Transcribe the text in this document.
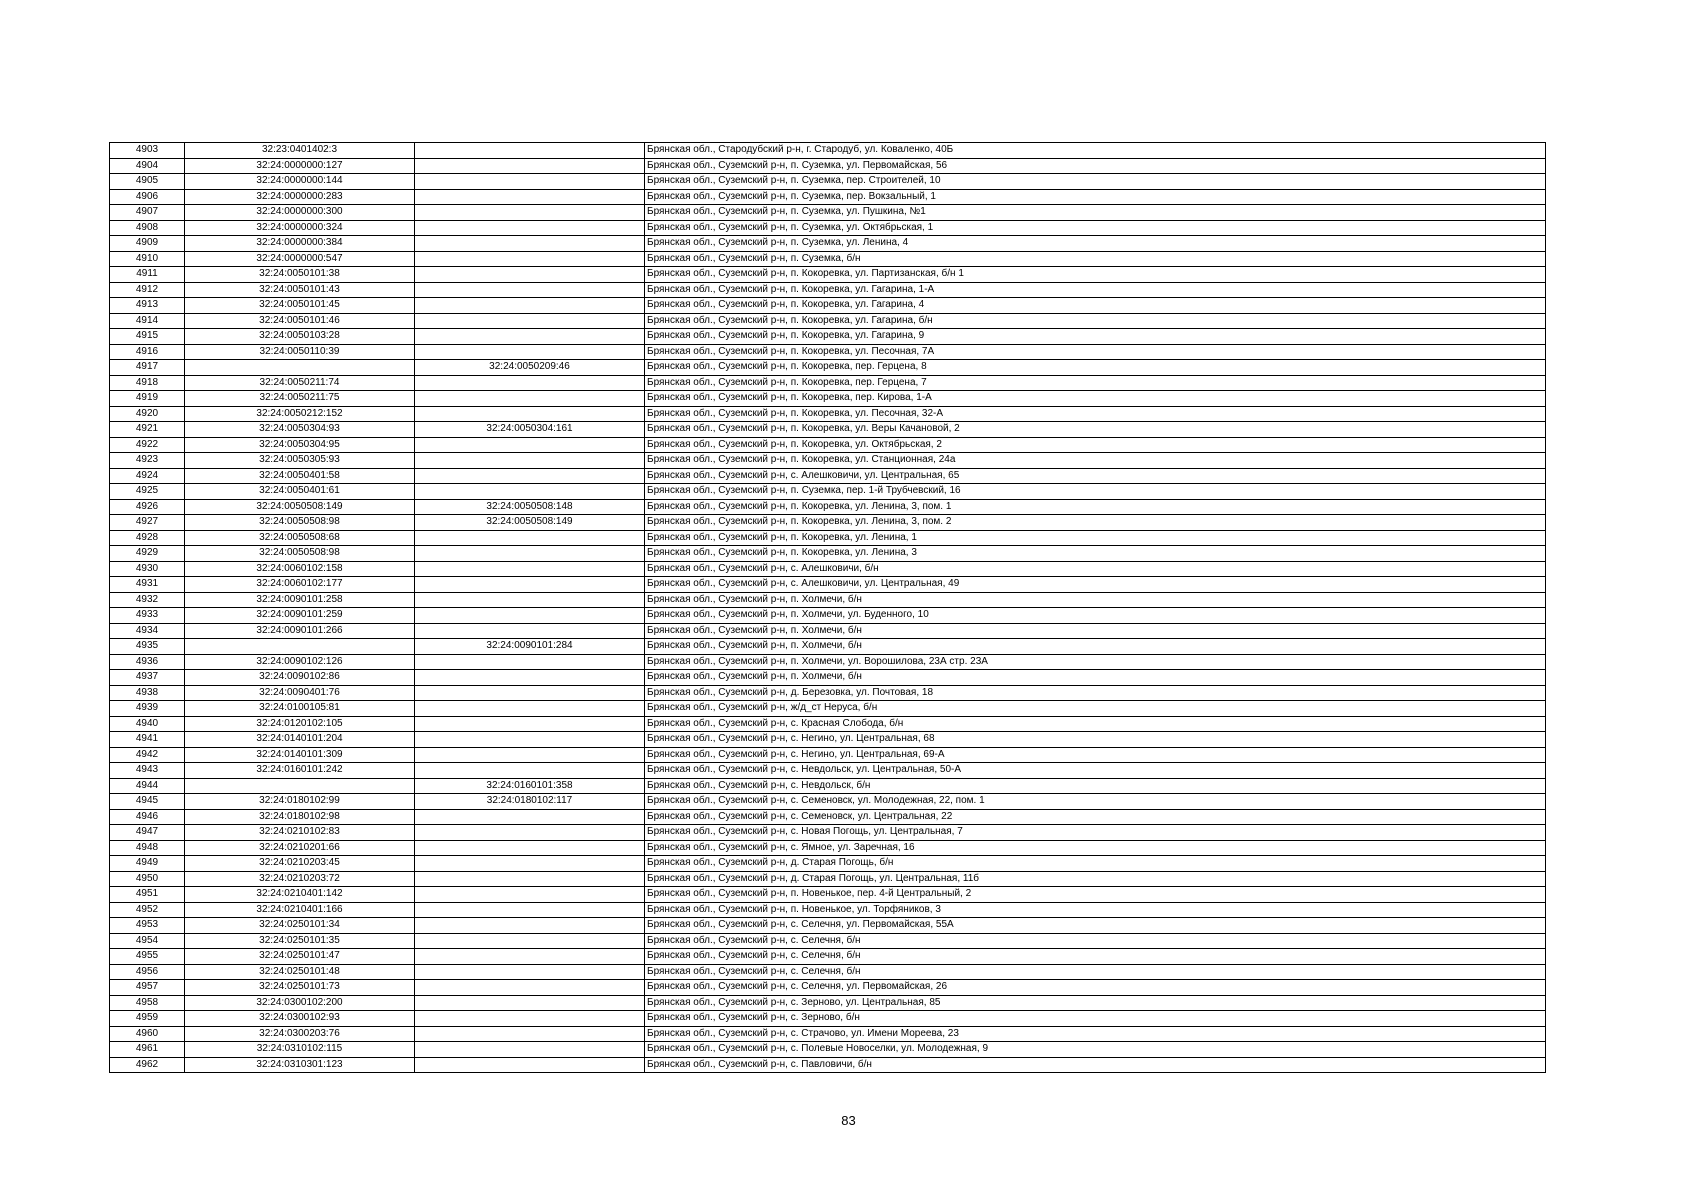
4903	32:23:0401402:3		Брянская обл., Стародубский р-н, г. Стародуб, ул. Коваленко, 40Б
4904	32:24:0000000:127		Брянская обл., Суземский р-н, п. Суземка, ул. Первомайская, 56
4905	32:24:0000000:144		Брянская обл., Суземский р-н, п. Суземка, пер. Строителей, 10
4906	32:24:0000000:283		Брянская обл., Суземский р-н, п. Суземка, пер. Вокзальный, 1
4907	32:24:0000000:300		Брянская обл., Суземский р-н, п. Суземка, ул. Пушкина, №1
4908	32:24:0000000:324		Брянская обл., Суземский р-н, п. Суземка, ул. Октябрьская, 1
4909	32:24:0000000:384		Брянская обл., Суземский р-н, п. Суземка, ул. Ленина, 4
4910	32:24:0000000:547		Брянская обл., Суземский р-н, п. Суземка, б/н
4911	32:24:0050101:38		Брянская обл., Суземский р-н, п. Кокоревка, ул. Партизанская, б/н 1
4912	32:24:0050101:43		Брянская обл., Суземский р-н, п. Кокоревка, ул. Гагарина, 1-А
4913	32:24:0050101:45		Брянская обл., Суземский р-н, п. Кокоревка, ул. Гагарина, 4
4914	32:24:0050101:46		Брянская обл., Суземский р-н, п. Кокоревка, ул. Гагарина, б/н
4915	32:24:0050103:28		Брянская обл., Суземский р-н, п. Кокоревка, ул. Гагарина, 9
4916	32:24:0050110:39		Брянская обл., Суземский р-н, п. Кокоревка, ул. Песочная, 7А
4917		32:24:0050209:46	Брянская обл., Суземский р-н, п. Кокоревка, пер. Герцена, 8
4918	32:24:0050211:74		Брянская обл., Суземский р-н, п. Кокоревка, пер. Герцена, 7
4919	32:24:0050211:75		Брянская обл., Суземский р-н, п. Кокоревка, пер. Кирова, 1-А
4920	32:24:0050212:152		Брянская обл., Суземский р-н, п. Кокоревка, ул. Песочная, 32-А
4921	32:24:0050304:93	32:24:0050304:161	Брянская обл., Суземский р-н, п. Кокоревка, ул. Веры Качановой, 2
4922	32:24:0050304:95		Брянская обл., Суземский р-н, п. Кокоревка, ул. Октябрьская, 2
4923	32:24:0050305:93		Брянская обл., Суземский р-н, п. Кокоревка, ул. Станционная, 24а
4924	32:24:0050401:58		Брянская обл., Суземский р-н, с. Алешковичи, ул. Центральная, 65
4925	32:24:0050401:61		Брянская обл., Суземский р-н, п. Суземка, пер. 1-й Трубчевский, 16
4926	32:24:0050508:149	32:24:0050508:148	Брянская обл., Суземский р-н, п. Кокоревка, ул. Ленина, 3, пом. 1
4927	32:24:0050508:98	32:24:0050508:149	Брянская обл., Суземский р-н, п. Кокоревка, ул. Ленина, 3, пом. 2
4928	32:24:0050508:68		Брянская обл., Суземский р-н, п. Кокоревка, ул. Ленина, 1
4929	32:24:0050508:98		Брянская обл., Суземский р-н, п. Кокоревка, ул. Ленина, 3
4930	32:24:0060102:158		Брянская обл., Суземский р-н, с. Алешковичи, б/н
4931	32:24:0060102:177		Брянская обл., Суземский р-н, с. Алешковичи, ул. Центральная, 49
4932	32:24:0090101:258		Брянская обл., Суземский р-н, п. Холмечи, б/н
4933	32:24:0090101:259		Брянская обл., Суземский р-н, п. Холмечи, ул. Буденного, 10
4934	32:24:0090101:266		Брянская обл., Суземский р-н, п. Холмечи, б/н
4935		32:24:0090101:284	Брянская обл., Суземский р-н, п. Холмечи, б/н
4936	32:24:0090102:126		Брянская обл., Суземский р-н, п. Холмечи, ул. Ворошилова, 23А стр. 23А
4937	32:24:0090102:86		Брянская обл., Суземский р-н, п. Холмечи, б/н
4938	32:24:0090401:76		Брянская обл., Суземский р-н, д. Березовка, ул. Почтовая, 18
4939	32:24:0100105:81		Брянская обл., Суземский р-н, ж/д_ст Неруса, б/н
4940	32:24:0120102:105		Брянская обл., Суземский р-н, с. Красная Слобода, б/н
4941	32:24:0140101:204		Брянская обл., Суземский р-н, с. Негино, ул. Центральная, 68
4942	32:24:0140101:309		Брянская обл., Суземский р-н, с. Негино, ул. Центральная, 69-А
4943	32:24:0160101:242		Брянская обл., Суземский р-н, с. Невдольск, ул. Центральная, 50-А
4944		32:24:0160101:358	Брянская обл., Суземский р-н, с. Невдольск, б/н
4945	32:24:0180102:99	32:24:0180102:117	Брянская обл., Суземский р-н, с. Семеновск, ул. Молодежная, 22, пом. 1
4946	32:24:0180102:98		Брянская обл., Суземский р-н, с. Семеновск, ул. Центральная, 22
4947	32:24:0210102:83		Брянская обл., Суземский р-н, с. Новая Погощь, ул. Центральная, 7
4948	32:24:0210201:66		Брянская обл., Суземский р-н, с. Ямное, ул. Заречная, 16
4949	32:24:0210203:45		Брянская обл., Суземский р-н, д. Старая Погощь, б/н
4950	32:24:0210203:72		Брянская обл., Суземский р-н, д. Старая Погощь, ул. Центральная, 11б
4951	32:24:0210401:142		Брянская обл., Суземский р-н, п. Новенькое, пер. 4-й Центральный, 2
4952	32:24:0210401:166		Брянская обл., Суземский р-н, п. Новенькое, ул. Торфяников, 3
4953	32:24:0250101:34		Брянская обл., Суземский р-н, с. Селечня, ул. Первомайская, 55А
4954	32:24:0250101:35		Брянская обл., Суземский р-н, с. Селечня, б/н
4955	32:24:0250101:47		Брянская обл., Суземский р-н, с. Селечня, б/н
4956	32:24:0250101:48		Брянская обл., Суземский р-н, с. Селечня, б/н
4957	32:24:0250101:73		Брянская обл., Суземский р-н, с. Селечня, ул. Первомайская, 26
4958	32:24:0300102:200		Брянская обл., Суземский р-н, с. Зерново, ул. Центральная, 85
4959	32:24:0300102:93		Брянская обл., Суземский р-н, с. Зерново, б/н
4960	32:24:0300203:76		Брянская обл., Суземский р-н, с. Страчово, ул. Имени Мореева, 23
4961	32:24:0310102:115		Брянская обл., Суземский р-н, с. Полевые Новоселки, ул. Молодежная, 9
4962	32:24:0310301:123		Брянская обл., Суземский р-н, с. Павловичи, б/н
83
